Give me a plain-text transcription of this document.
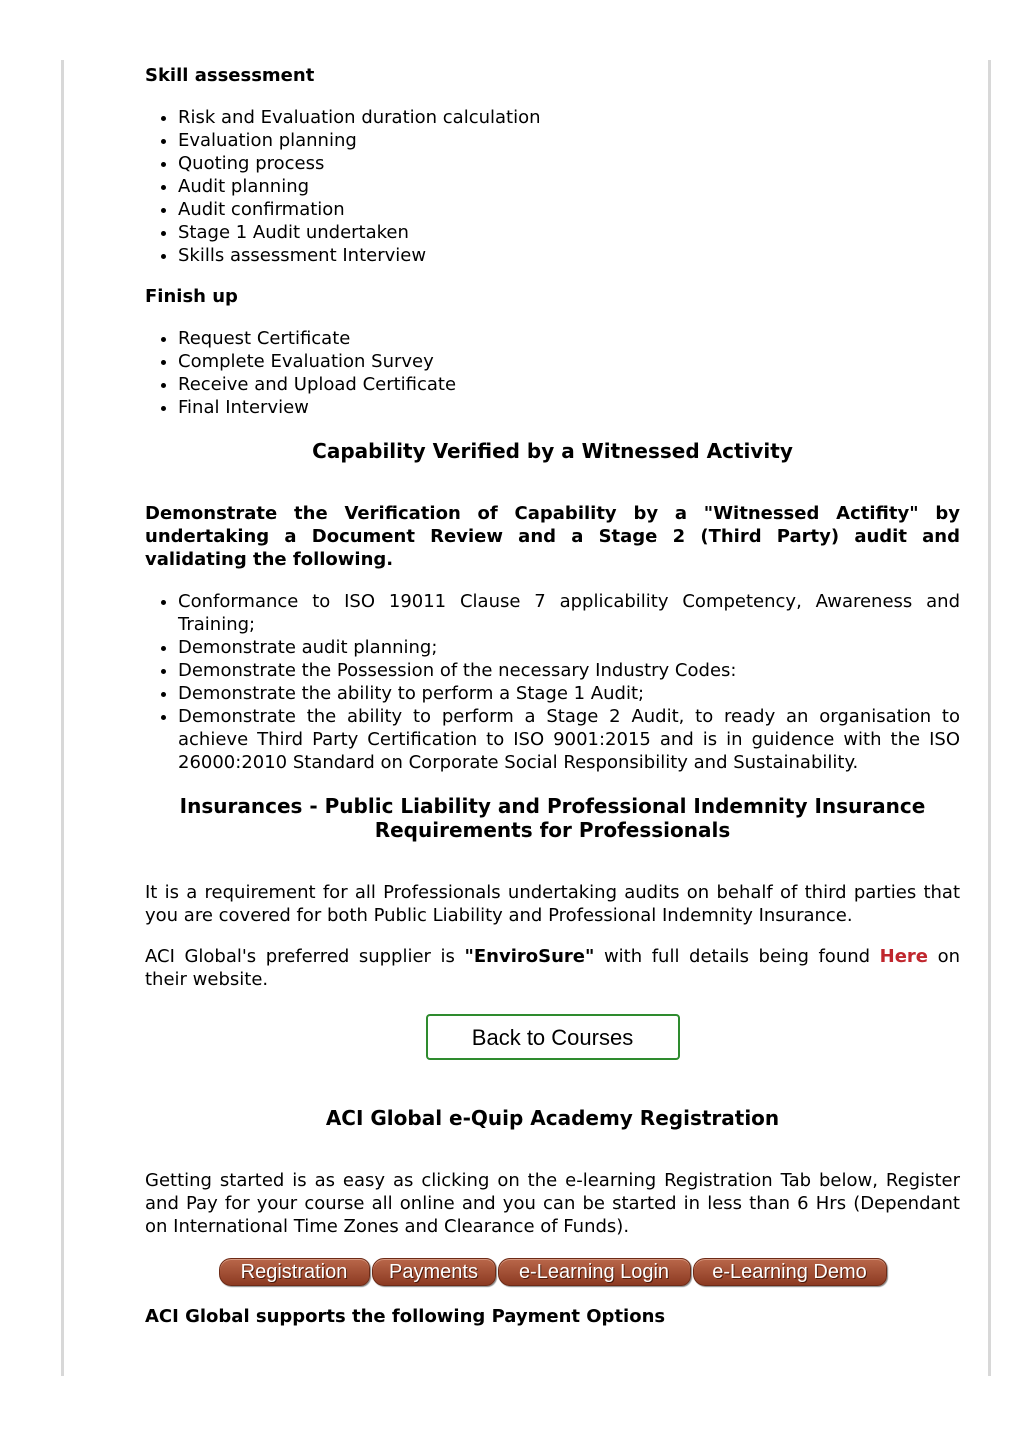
Skill assessment
• Risk and Evaluation duration calculation
• Evaluation planning
• Quoting process
• Audit planning
• Audit confirmation
• Stage 1 Audit undertaken
• Skills assessment Interview
Finish up
• Request Certificate
• Complete Evaluation Survey
• Receive and Upload Certificate
• Final Interview
Capability Verified by a Witnessed Activity

Demonstrate the Verification of Capability by a "Witnessed Actifity" by undertaking a Document Review and a Stage 2 (Third Party) audit and validating the following.

• Conformance to ISO 19011 Clause 7 applicability Competency, Awareness and Training;
• Demonstrate audit planning;
• Demonstrate the Possession of the necessary Industry Codes:
• Demonstrate the ability to perform a Stage 1 Audit;
• Demonstrate the ability to perform a Stage 2 Audit, to ready an organisation to achieve Third Party Certification to ISO 9001:2015 and is in guidence with the ISO 26000:2010 Standard on Corporate Social Responsibility and Sustainability.
Insurances - Public Liability and Professional Indemnity Insurance Requirements for Professionals

It is a requirement for all Professionals undertaking audits on behalf of third parties that you are covered for both Public Liability and Professional Indemnity Insurance.

ACI Global's preferred supplier is "EnviroSure" with full details being found Here on their website.

Back to Courses
ACI Global e-Quip Academy Registration

Getting started is as easy as clicking on the e-learning Registration Tab below, Register and Pay for your course all online and you can be started in less than 6 Hrs (Dependant on International Time Zones and Clearance of Funds).

Registration Payments e-Learning Login e-Learning Demo
ACI Global supports the following Payment Options
